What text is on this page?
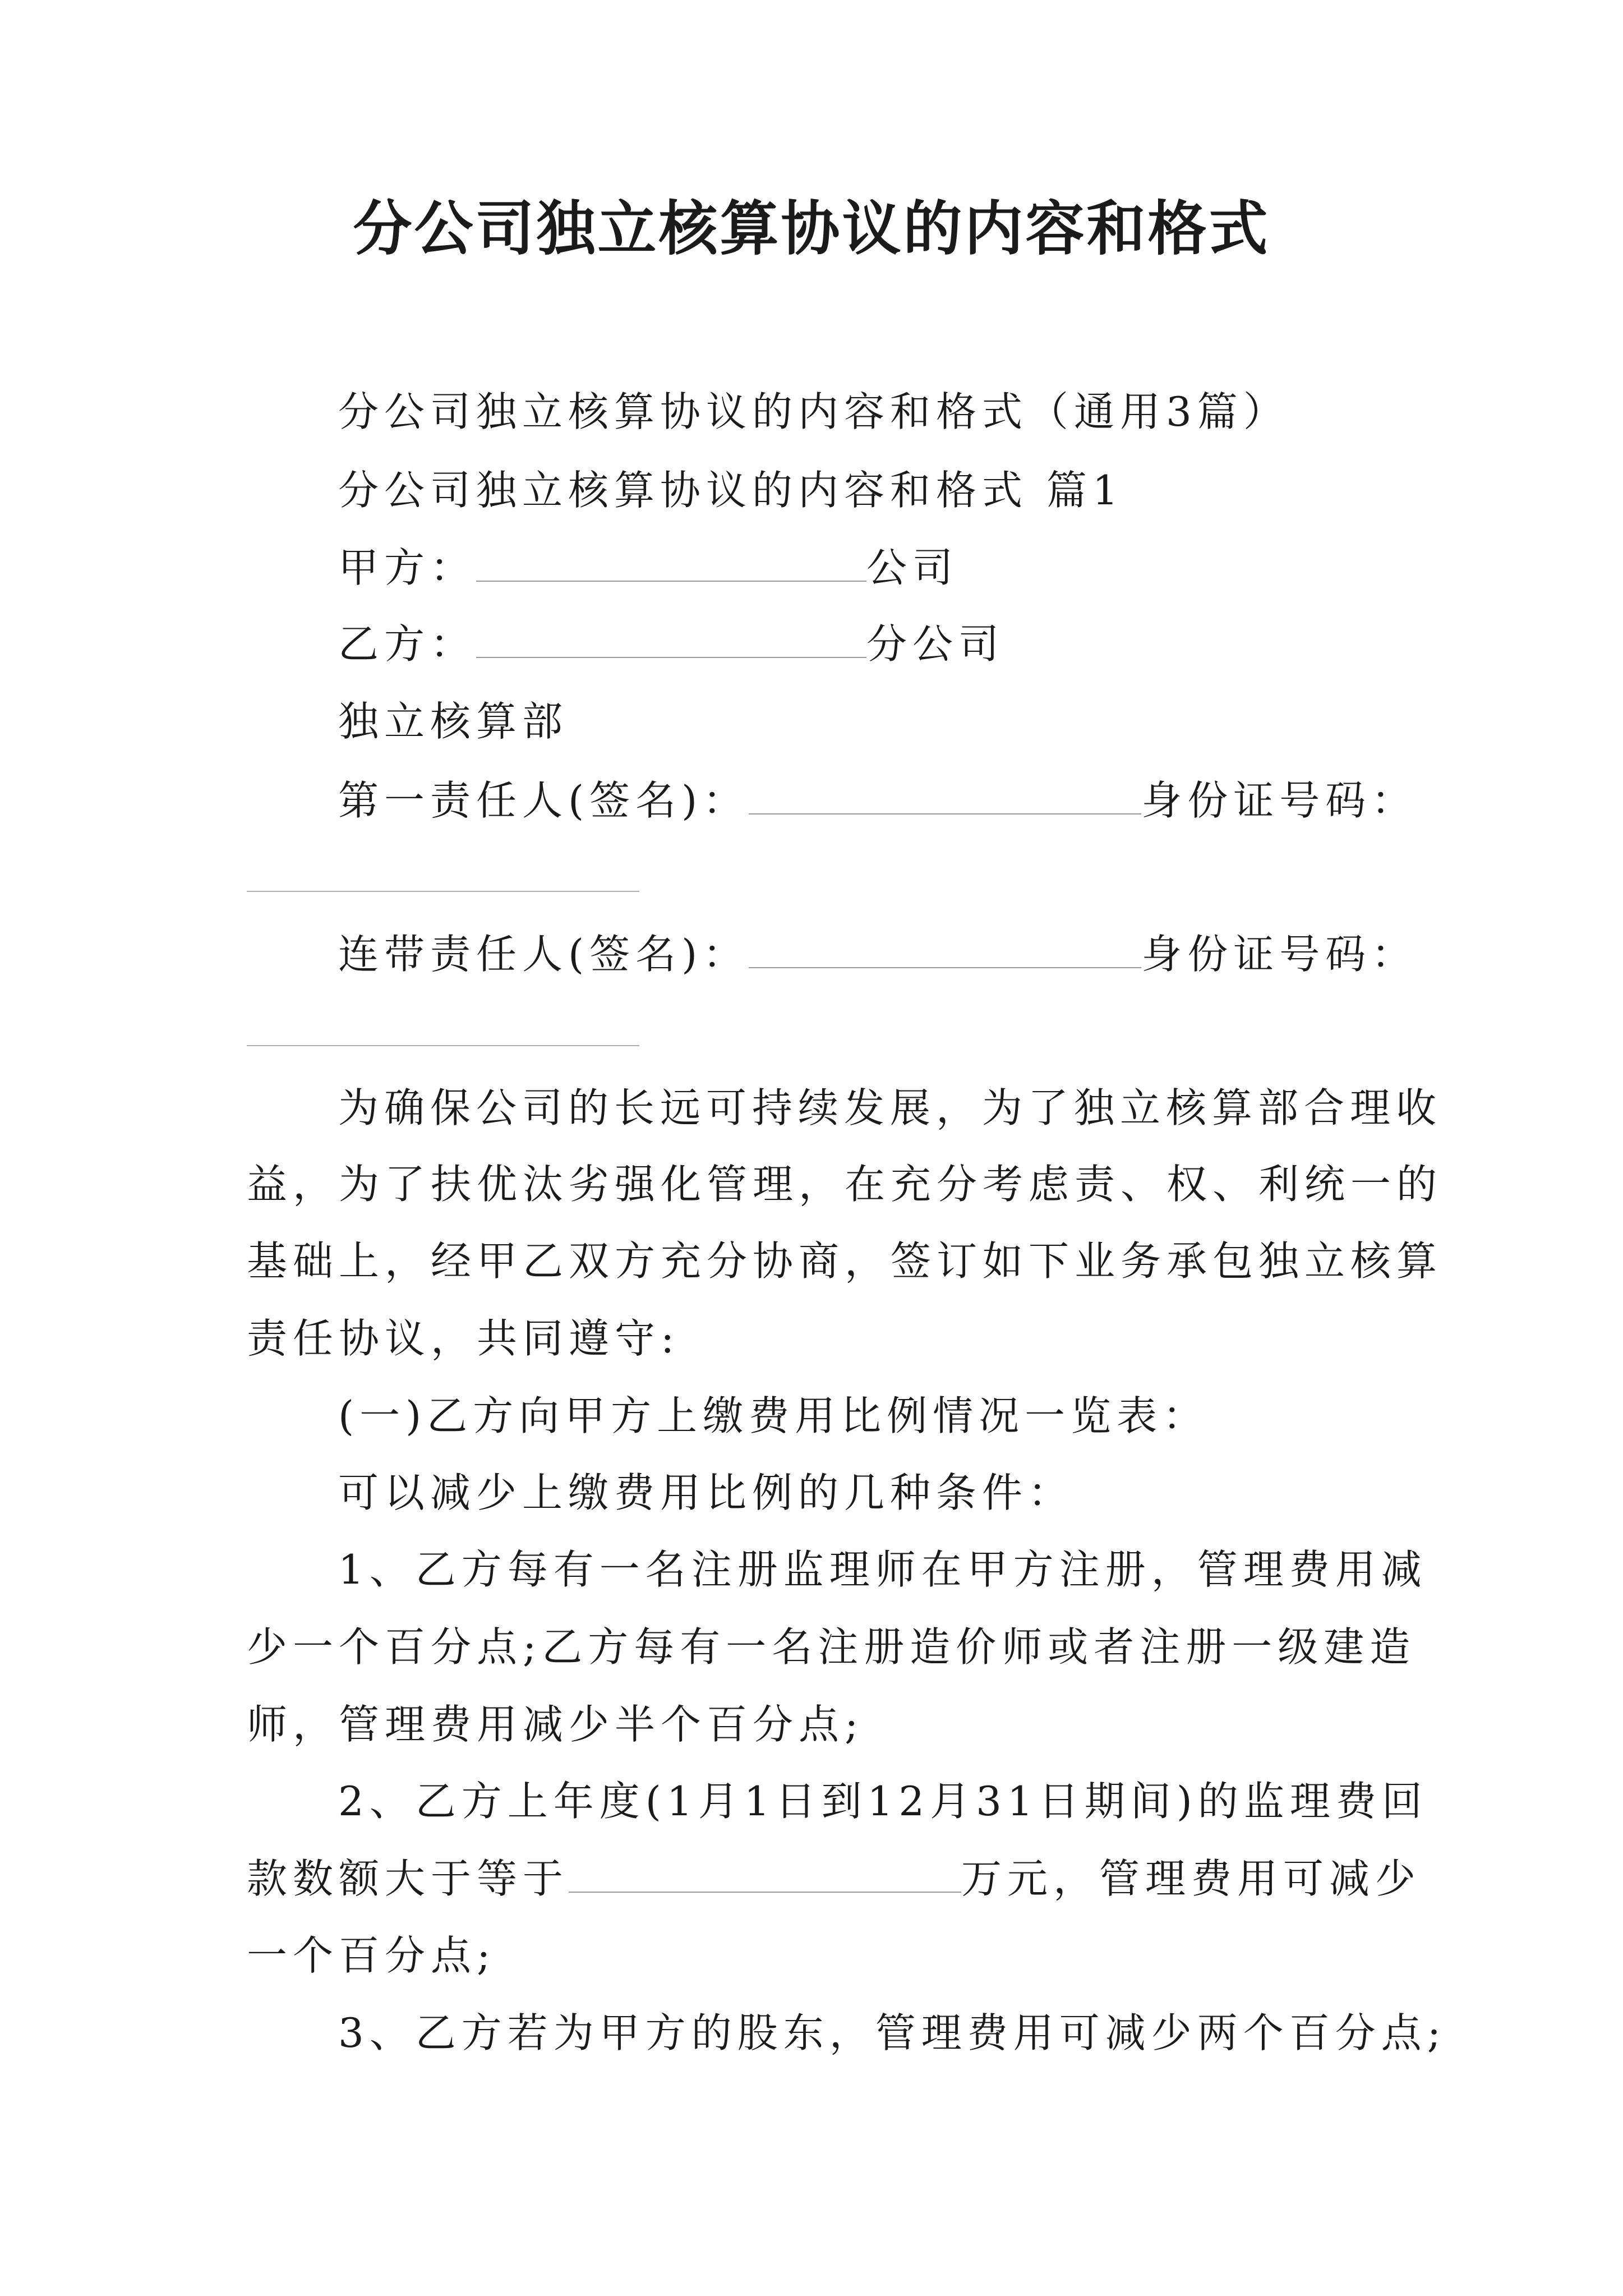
分公司独立核算协议的内容和格式
分公司独立核算协议的内容和格式（通用3篇）
分公司独立核算协议的内容和格式 篇1
甲方：	公司
乙方：	分公司
独立核算部
第一责任人(签名)：	身份证号码：
连带责任人(签名)：	身份证号码：
为确保公司的长远可持续发展，为了独立核算部合理收
益，为了扶优汰劣强化管理，在充分考虑责、权、利统一的
基础上，经甲乙双方充分协商，签订如下业务承包独立核算
责任协议，共同遵守:
(一)乙方向甲方上缴费用比例情况一览表：
可以减少上缴费用比例的几种条件：
1、乙方每有一名注册监理师在甲方注册，管理费用减
少一个百分点;乙方每有一名注册造价师或者注册一级建造
师，管理费用减少半个百分点;
2、乙方上年度(1月1日到12月31日期间)的监理费回
款数额大于等于	万元，管理费用可减少
一个百分点;
3、乙方若为甲方的股东，管理费用可减少两个百分点;
